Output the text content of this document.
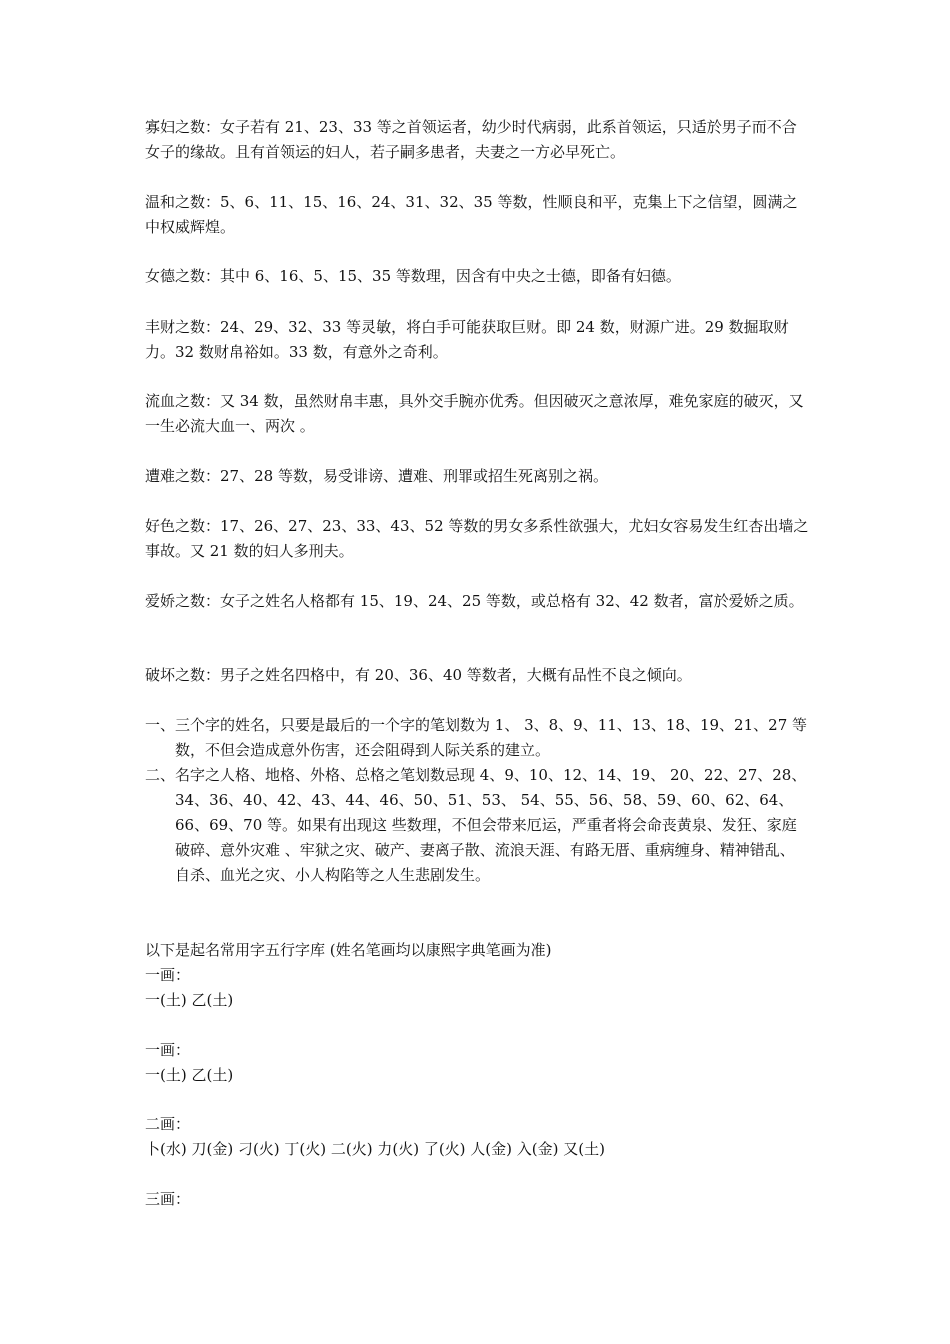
寡妇之数：女子若有 21、23、33 等之首领运者，幼少时代病弱，此系首领运，只适於男子而不合女子的缘故。且有首领运的妇人，若子嗣多患者，夫妻之一方必早死亡。

温和之数：5、6、11、15、16、24、31、32、35 等数，性顺良和平，克集上下之信望，圆满之中权威辉煌。

女德之数：其中 6、16、5、15、35 等数理，因含有中央之士德，即备有妇德。

丰财之数：24、29、32、33 等灵敏，将白手可能获取巨财。即 24 数，财源广进。29 数掘取财力。32 数财帛裕如。33 数，有意外之奇利。

流血之数：又 34 数，虽然财帛丰惠，具外交手腕亦优秀。但因破灭之意浓厚，难免家庭的破灭，又一生必流大血一、两次 。

遭难之数：27、28 等数，易受诽谤、遭难、刑罪或招生死离别之祸。

好色之数：17、26、27、23、33、43、52 等数的男女多系性欲强大，尤妇女容易发生红杏出墙之事故。又 21 数的妇人多刑夫。

爱娇之数：女子之姓名人格都有 15、19、24、25 等数，或总格有 32、42 数者，富於爱娇之质。

破坏之数：男子之姓名四格中，有 20、36、40 等数者，大概有品性不良之倾向。

一、三个字的姓名，只要是最后的一个字的笔划数为 1、 3、8、9、11、13、18、19、21、27 等数，不但会造成意外伤害，还会阻碍到人际关系的建立。
二、名字之人格、地格、外格、总格之笔划数忌现 4、9、10、12、14、19、 20、22、27、28、34、36、40、42、43、44、46、50、51、53、 54、55、56、58、59、60、62、64、66、69、70 等。如果有出现这 些数理，不但会带来厄运，严重者将会命丧黄泉、发狂、家庭破碎、意外灾难 、牢狱之灾、破产、妻离子散、流浪天涯、有路无厝、重病缠身、精神错乱、 自杀、血光之灾、小人构陷等之人生悲剧发生。
以下是起名常用字五行字库 (姓名笔画均以康熙字典笔画为准)
一画：
一(土) 乙(土)
一画：
一(土) 乙(土)
二画：
卜(水) 刀(金) 刁(火) 丁(火) 二(火) 力(火) 了(火) 人(金) 入(金) 又(土)
三画：
